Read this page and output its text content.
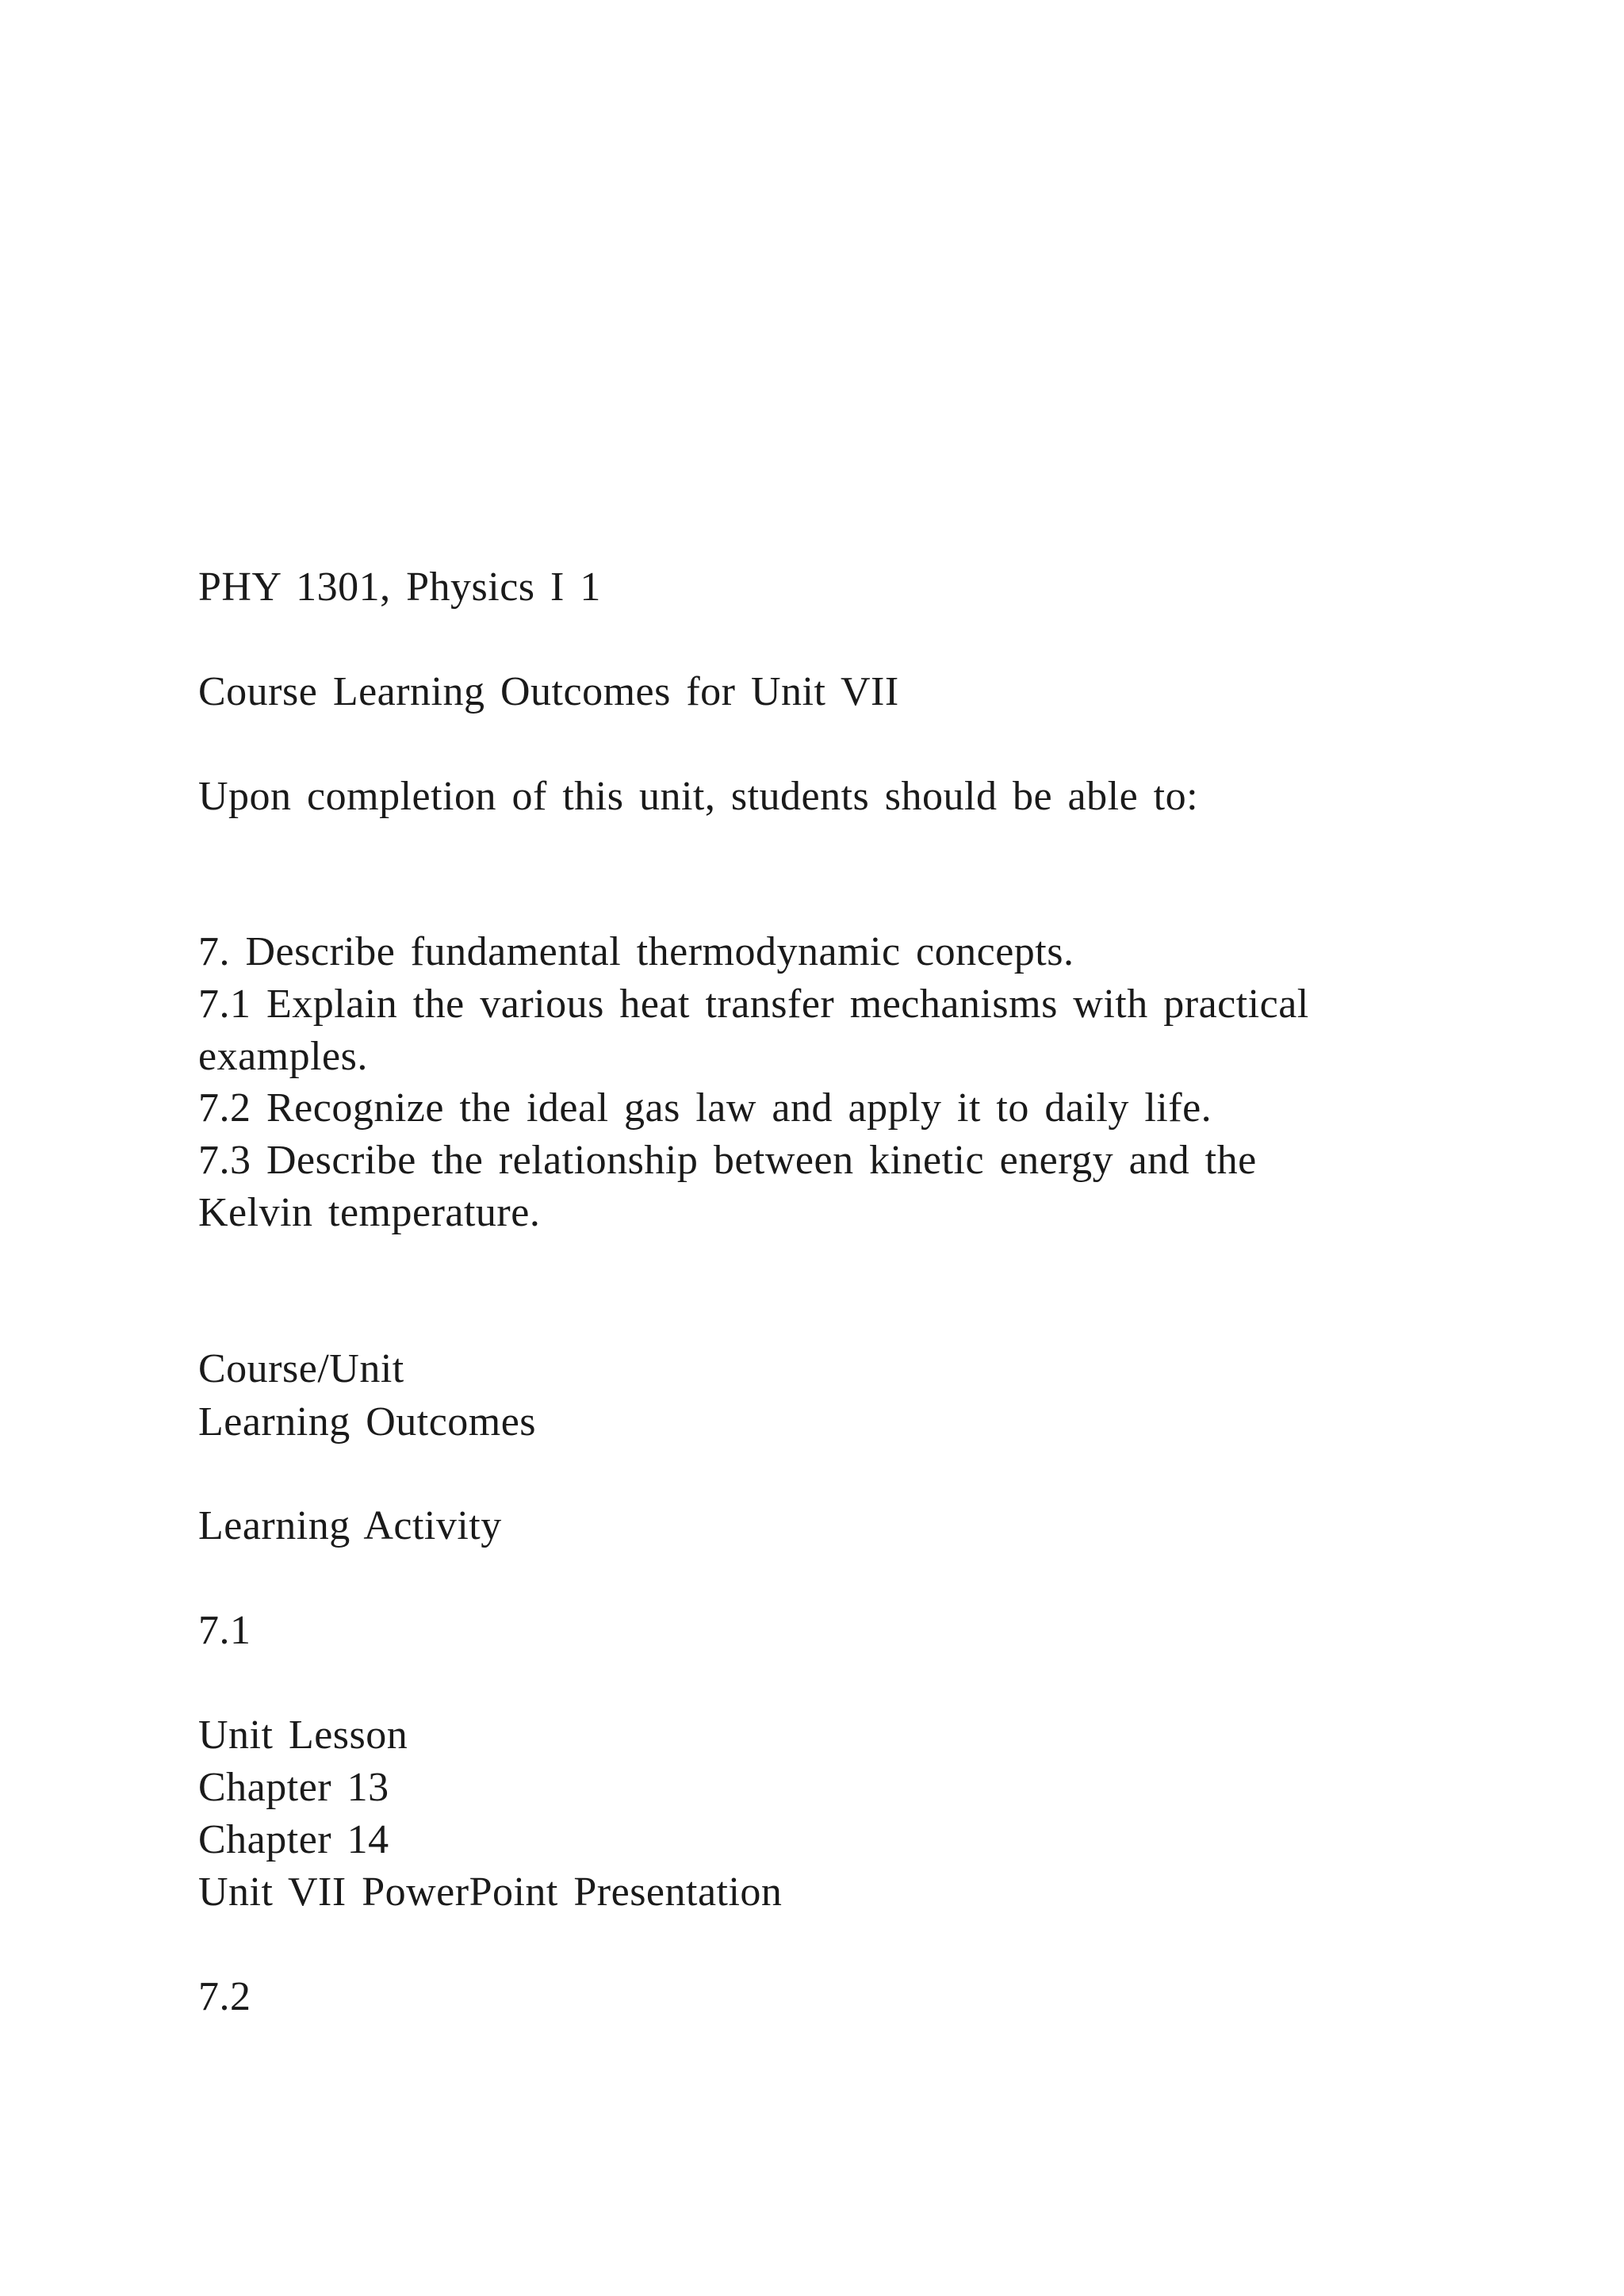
PHY 1301, Physics I 1
Course Learning Outcomes for Unit VII
Upon completion of this unit, students should be able to:
7. Describe fundamental thermodynamic concepts.
7.1 Explain the various heat transfer mechanisms with practical
examples.
7.2 Recognize the ideal gas law and apply it to daily life.
7.3 Describe the relationship between kinetic energy and the
Kelvin temperature.
Course/Unit
Learning Outcomes
Learning Activity
7.1
Unit Lesson
Chapter 13
Chapter 14
Unit VII PowerPoint Presentation
7.2
